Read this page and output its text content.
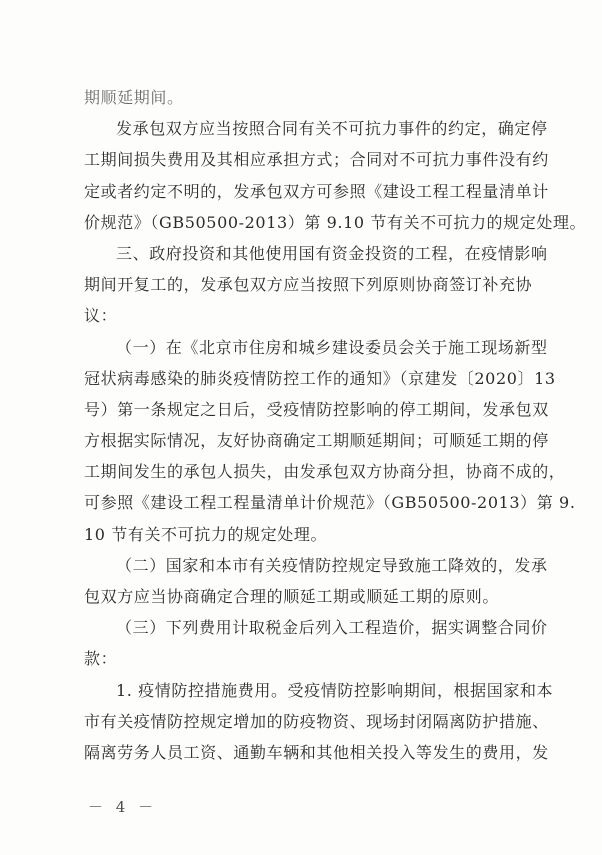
期顺延期间。
发承包双方应当按照合同有关不可抗力事件的约定，确定停
工期间损失费用及其相应承担方式；合同对不可抗力事件没有约
定或者约定不明的，发承包双方可参照《建设工程工程量清单计
价规范》（GB50500-2013）第 9.10 节有关不可抗力的规定处理。
三、政府投资和其他使用国有资金投资的工程，在疫情影响
期间开复工的，发承包双方应当按照下列原则协商签订补充协
议：
（一）在《北京市住房和城乡建设委员会关于施工现场新型
冠状病毒感染的肺炎疫情防控工作的通知》（京建发〔2020〕13
号）第一条规定之日后，受疫情防控影响的停工期间，发承包双
方根据实际情况，友好协商确定工期顺延期间；可顺延工期的停
工期间发生的承包人损失，由发承包双方协商分担，协商不成的，
可参照《建设工程工程量清单计价规范》（GB50500-2013）第 9.
10 节有关不可抗力的规定处理。
（二）国家和本市有关疫情防控规定导致施工降效的，发承
包双方应当协商确定合理的顺延工期或顺延工期的原则。
（三）下列费用计取税金后列入工程造价，据实调整合同价
款：
1. 疫情防控措施费用。受疫情防控影响期间，根据国家和本
市有关疫情防控规定增加的防疫物资、现场封闭隔离防护措施、
隔离劳务人员工资、通勤车辆和其他相关投入等发生的费用，发
－ 4 －
